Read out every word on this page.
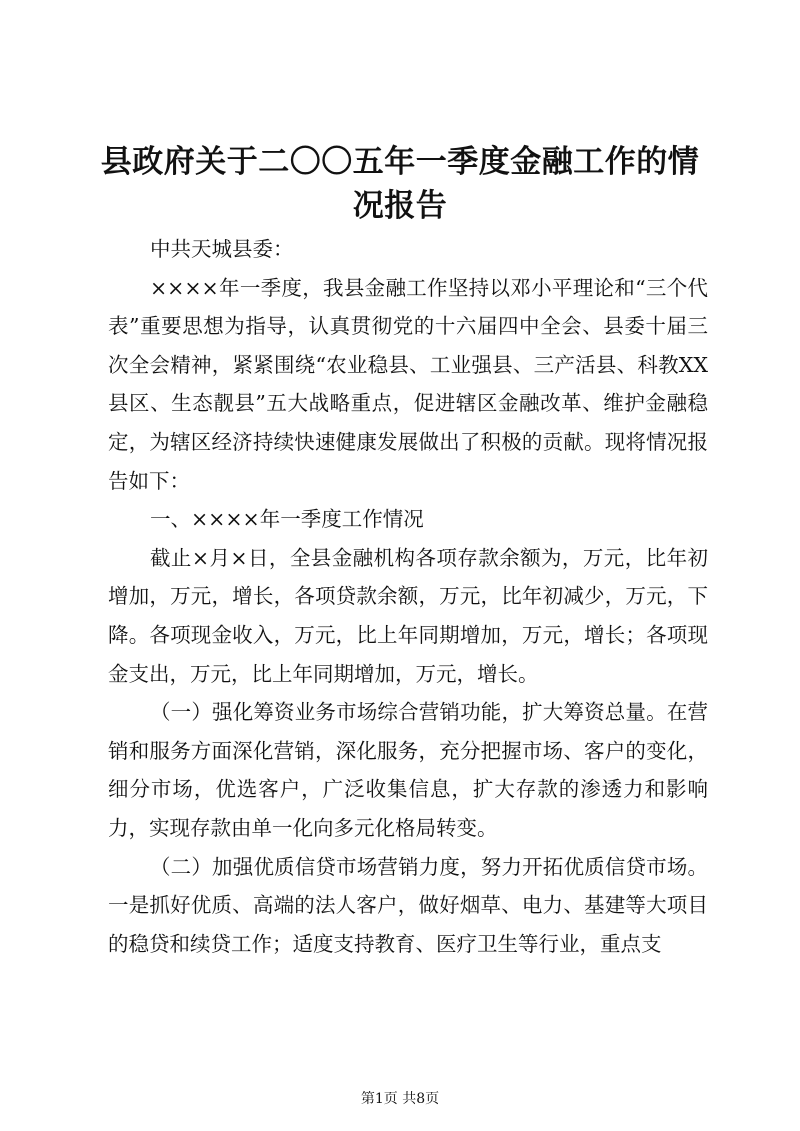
县政府关于二〇〇五年一季度金融工作的情况报告

中共天城县委：

××××年一季度，我县金融工作坚持以邓小平理论和“三个代表”重要思想为指导，认真贯彻党的十六届四中全会、县委十届三次全会精神，紧紧围绕“农业稳县、工业强县、三产活县、科教XX县区、生态靓县”五大战略重点，促进辖区金融改革、维护金融稳定，为辖区经济持续快速健康发展做出了积极的贡献。现将情况报告如下：

一、××××年一季度工作情况

截止×月×日，全县金融机构各项存款余额为，万元，比年初增加，万元，增长，各项贷款余额，万元，比年初减少，万元，下降。各项现金收入，万元，比上年同期增加，万元，增长；各项现金支出，万元，比上年同期增加，万元，增长。

（一）强化筹资业务市场综合营销功能，扩大筹资总量。在营销和服务方面深化营销，深化服务，充分把握市场、客户的变化，细分市场，优选客户，广泛收集信息，扩大存款的渗透力和影响力，实现存款由单一化向多元化格局转变。

（二）加强优质信贷市场营销力度，努力开拓优质信贷市场。一是抓好优质、高端的法人客户，做好烟草、电力、基建等大项目的稳贷和续贷工作；适度支持教育、医疗卫生等行业，重点支

第1页 共8页
